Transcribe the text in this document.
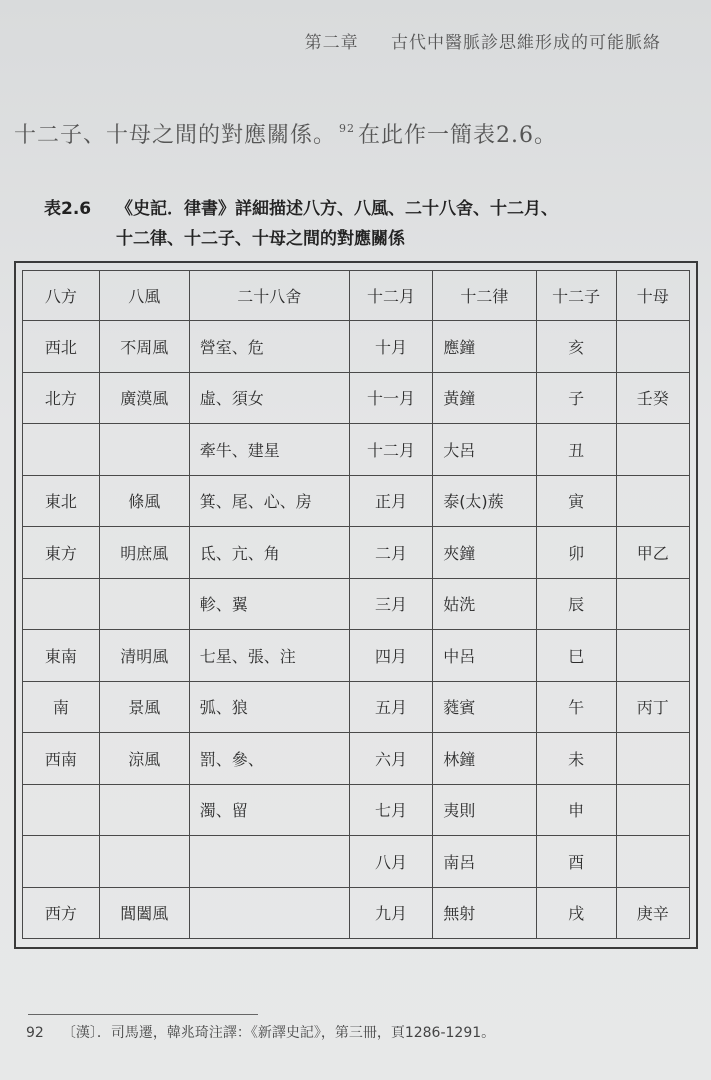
第二章 古代中醫脈診思維形成的可能脈絡
十二子、十母之間的對應關係。 $^{92}$ 在此作一簡表2.6。
表2.6 《史記．律書》詳細描述八方、八風、二十八舍、十二月、
十二律、十二子、十母之間的對應關係
八方	八風	二十八舍	十二月	十二律	十二子	十母
西北	不周風	營室、危	十月	應鐘	亥	
北方	廣漠風	虛、須女	十一月	黃鐘	子	壬癸
		牽牛、建星	十二月	大呂	丑	
東北	條風	箕、尾、心、房	正月	泰(太)蔟	寅	
東方	明庶風	氐、亢、角	二月	夾鐘	卯	甲乙
		軫、翼	三月	姑洗	辰	
東南	清明風	七星、張、注	四月	中呂	巳	
南	景風	弧、狼	五月	蕤賓	午	丙丁
西南	涼風	罰、參、	六月	林鐘	未	
		濁、留	七月	夷則	申	
			八月	南呂	酉	
西方	閶闔風		九月	無射	戌	庚辛
92 〔漢〕．司馬遷，韓兆琦注譯：《新譯史記》，第三冊，頁1286-1291。
